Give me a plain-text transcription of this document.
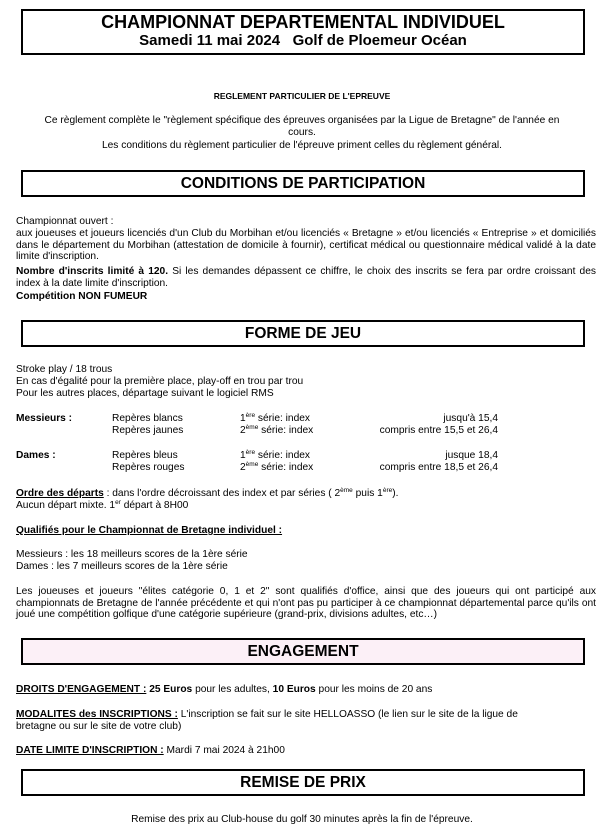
CHAMPIONNAT DEPARTEMENTAL INDIVIDUEL
Samedi 11 mai 2024   Golf de Ploemeur Océan
REGLEMENT PARTICULIER DE L'EPREUVE
Ce règlement complète le "règlement spécifique des épreuves organisées par la Ligue de Bretagne" de l'année en
cours.
Les conditions du règlement particulier de l'épreuve priment celles du règlement général.
CONDITIONS DE PARTICIPATION
Championnat ouvert :
aux joueuses et joueurs licenciés d'un Club du Morbihan et/ou licenciés « Bretagne » et/ou licenciés « Entreprise » et domiciliés dans le département du Morbihan (attestation de domicile à fournir), certificat médical ou questionnaire médical validé à la date limite d'inscription.
Nombre d'inscrits limité à 120. Si les demandes dépassent ce chiffre, le choix des inscrits se fera par ordre croissant des index à la date limite d'inscription.
Compétition NON FUMEUR
FORME DE JEU
Stroke play / 18 trous
En cas d'égalité pour la première place, play-off en trou par trou
Pour les autres places, départage suivant le logiciel RMS
Messieurs :	Repères blancs	1ère série: index	jusqu'à 15,4
Repères jaunes	2ème série: index	compris entre 15,5 et 26,4
Dames :	Repères bleus	1ère série: index	jusque 18,4
Repères rouges	2ème série: index	compris entre 18,5 et 26,4
Ordre des départs : dans l'ordre décroissant des index et par séries ( 2ème puis 1ère).
Aucun départ mixte. 1er départ à 8H00
Qualifiés pour le Championnat de Bretagne individuel :
Messieurs : les 18 meilleurs scores de la 1ère série
Dames : les 7 meilleurs scores de la 1ère série
Les joueuses et joueurs "élites catégorie 0, 1 et 2" sont qualifiés d'office, ainsi que des joueurs qui ont participé aux championnats de Bretagne de l'année précédente et qui n'ont pas pu participer à ce championnat départemental parce qu'ils ont joué une compétition golfique d'une catégorie supérieure (grand-prix, divisions adultes, etc…)
ENGAGEMENT
DROITS D'ENGAGEMENT : 25 Euros pour les adultes, 10 Euros pour les moins de 20 ans
MODALITES des INSCRIPTIONS : L'inscription se fait sur le site HELLOASSO (le lien sur le site de la ligue de
bretagne ou sur le site de votre club)
DATE LIMITE D'INSCRIPTION : Mardi 7 mai 2024 à 21h00
REMISE DE PRIX
Remise des prix au Club-house du golf 30 minutes après la fin de l'épreuve.
